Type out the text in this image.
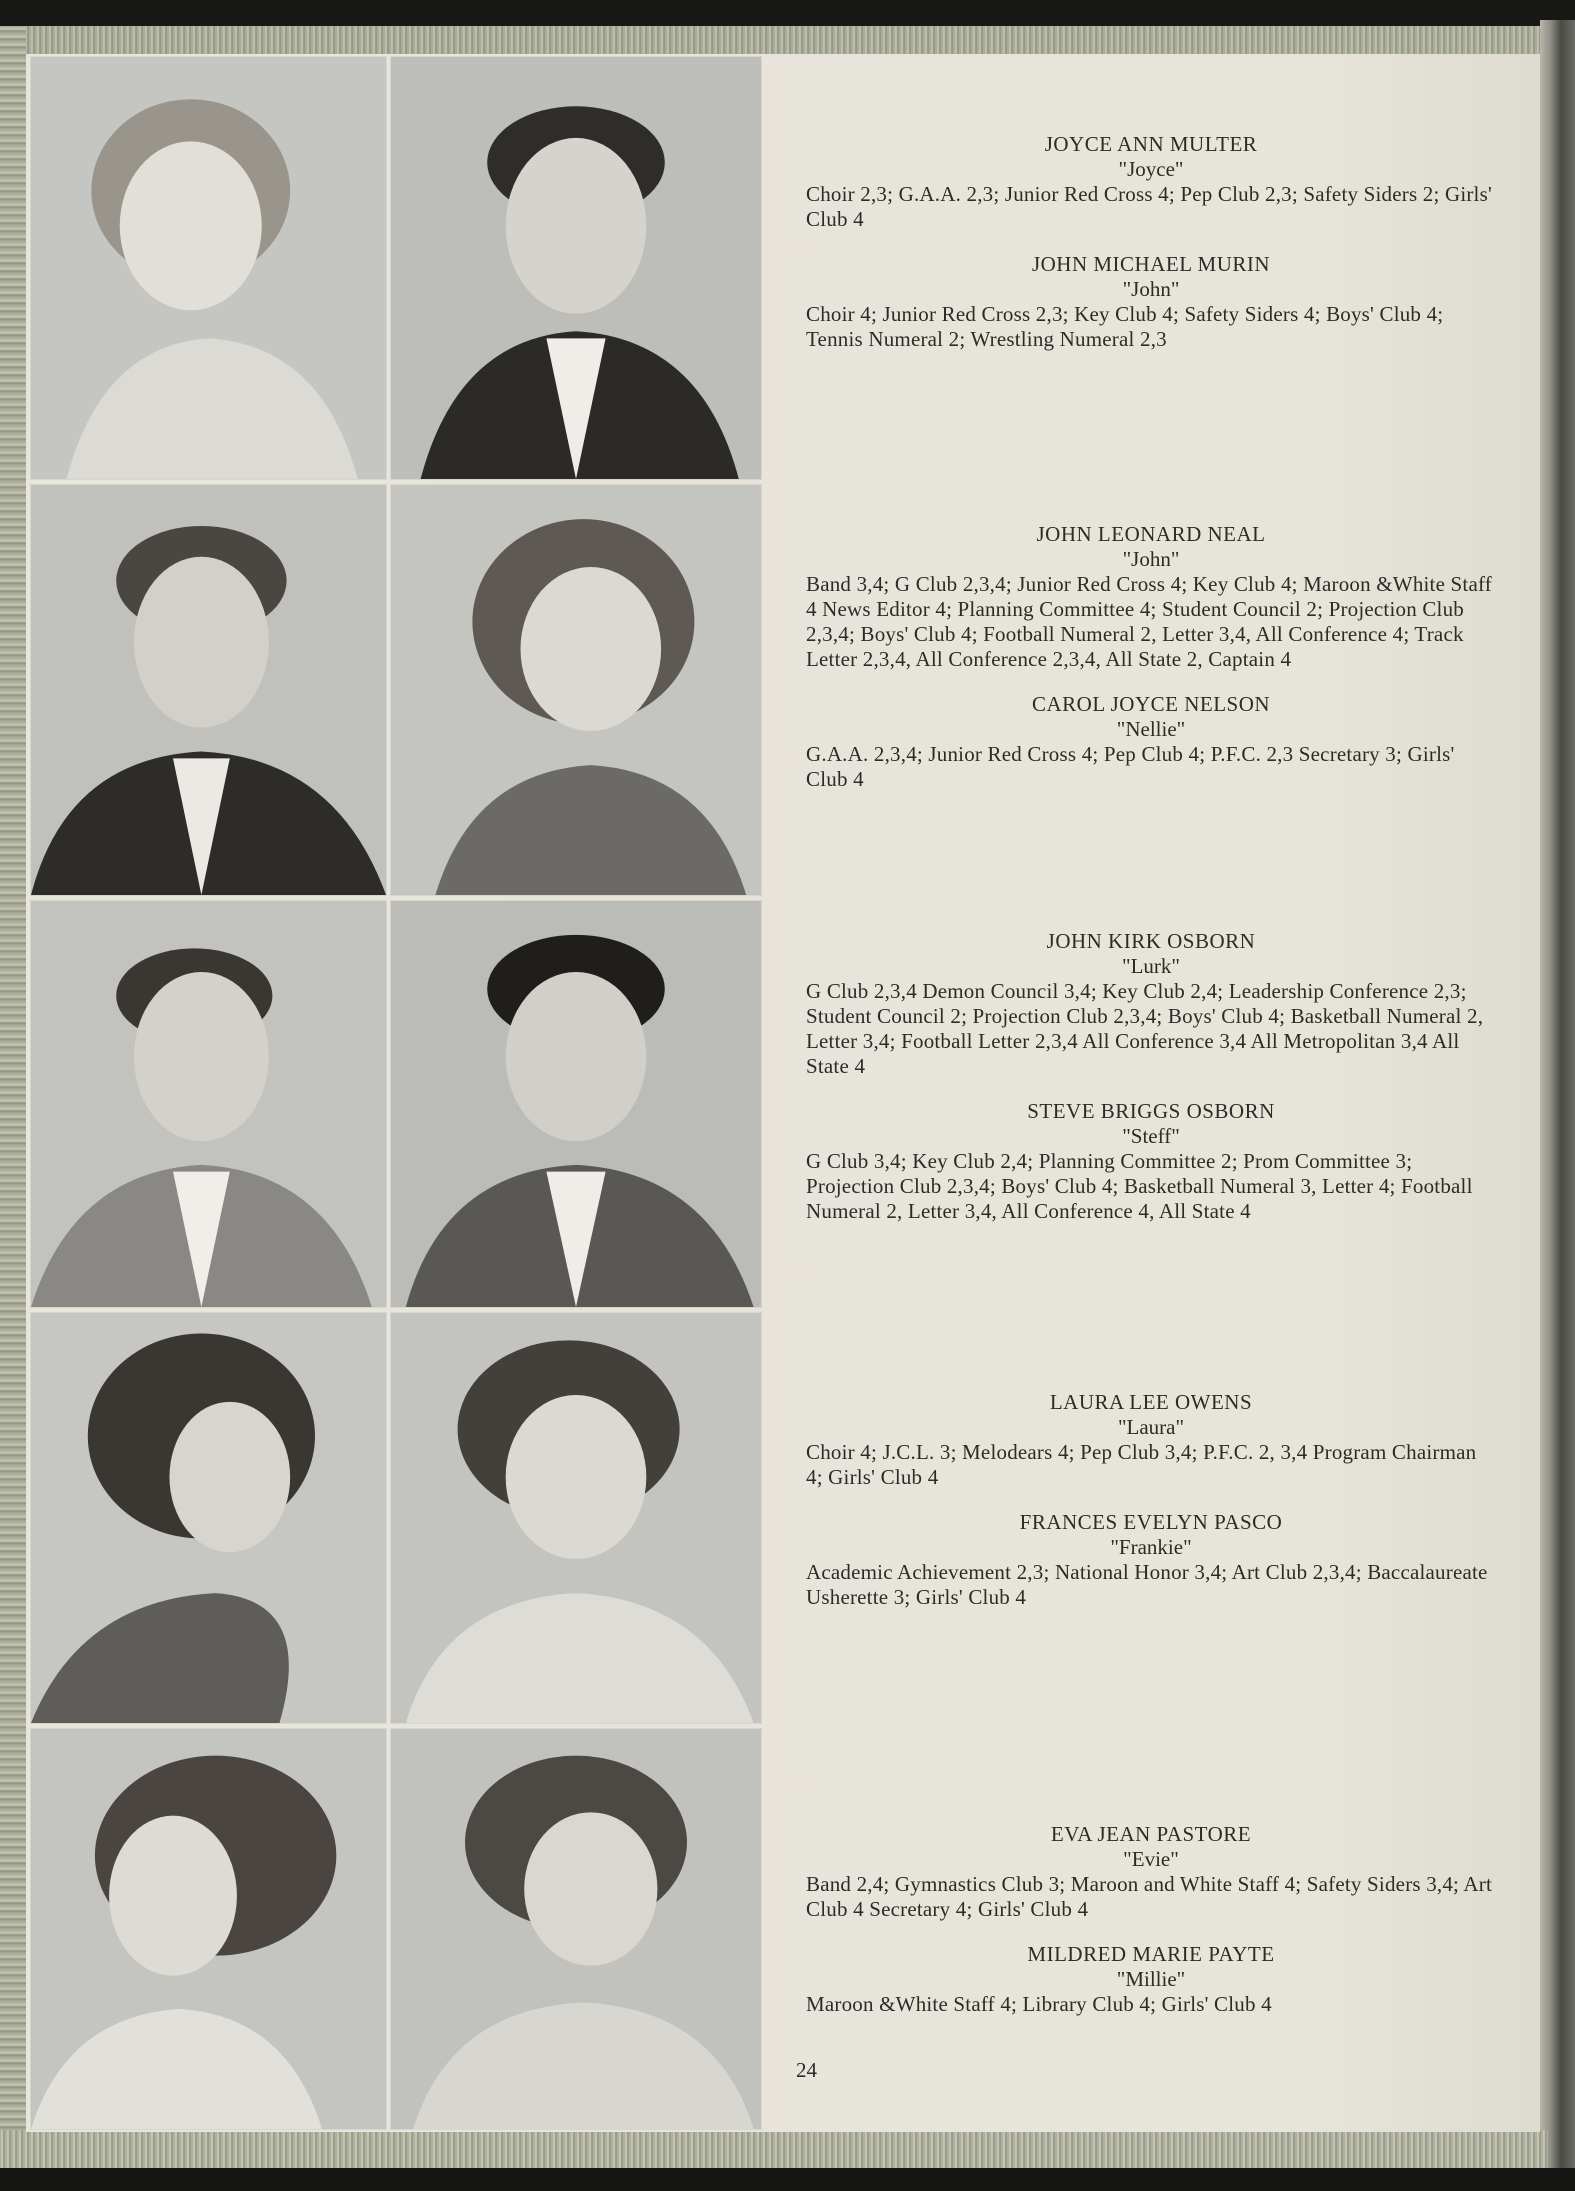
JOYCE ANN MULTER
"Joyce"
Choir 2,3; G.A.A. 2,3; Junior Red Cross 4; Pep Club 2,3; Safety Siders 2; Girls' Club 4
JOHN MICHAEL MURIN
"John"
Choir 4; Junior Red Cross 2,3; Key Club 4; Safety Siders 4; Boys' Club 4; Tennis Numeral 2; Wrestling Numeral 2,3
JOHN LEONARD NEAL
"John"
Band 3,4; G Club 2,3,4; Junior Red Cross 4; Key Club 4; Maroon &White Staff 4 News Editor 4; Planning Committee 4; Student Council 2; Projection Club 2,3,4; Boys' Club 4; Football Numeral 2, Letter 3,4, All Conference 4; Track Letter 2,3,4, All Conference 2,3,4, All State 2, Captain 4
CAROL JOYCE NELSON
"Nellie"
G.A.A. 2,3,4; Junior Red Cross 4; Pep Club 4; P.F.C. 2,3 Secretary 3; Girls' Club 4
JOHN KIRK OSBORN
"Lurk"
G Club 2,3,4 Demon Council 3,4; Key Club 2,4; Leadership Conference 2,3; Student Council 2; Projection Club 2,3,4; Boys' Club 4; Basketball Numeral 2, Letter 3,4; Football Letter 2,3,4 All Conference 3,4 All Metropolitan 3,4 All State 4
STEVE BRIGGS OSBORN
"Steff"
G Club 3,4; Key Club 2,4; Planning Committee 2; Prom Committee 3; Projection Club 2,3,4; Boys' Club 4; Basketball Numeral 3, Letter 4; Football Numeral 2, Letter 3,4, All Conference 4, All State 4
LAURA LEE OWENS
"Laura"
Choir 4; J.C.L. 3; Melodears 4; Pep Club 3,4; P.F.C. 2, 3,4 Program Chairman 4; Girls' Club 4
FRANCES EVELYN PASCO
"Frankie"
Academic Achievement 2,3; National Honor 3,4; Art Club 2,3,4; Baccalaureate Usherette 3; Girls' Club 4
EVA JEAN PASTORE
"Evie"
Band 2,4; Gymnastics Club 3; Maroon and White Staff 4; Safety Siders 3,4; Art Club 4 Secretary 4; Girls' Club 4
MILDRED MARIE PAYTE
"Millie"
Maroon &White Staff 4; Library Club 4; Girls' Club 4
24
